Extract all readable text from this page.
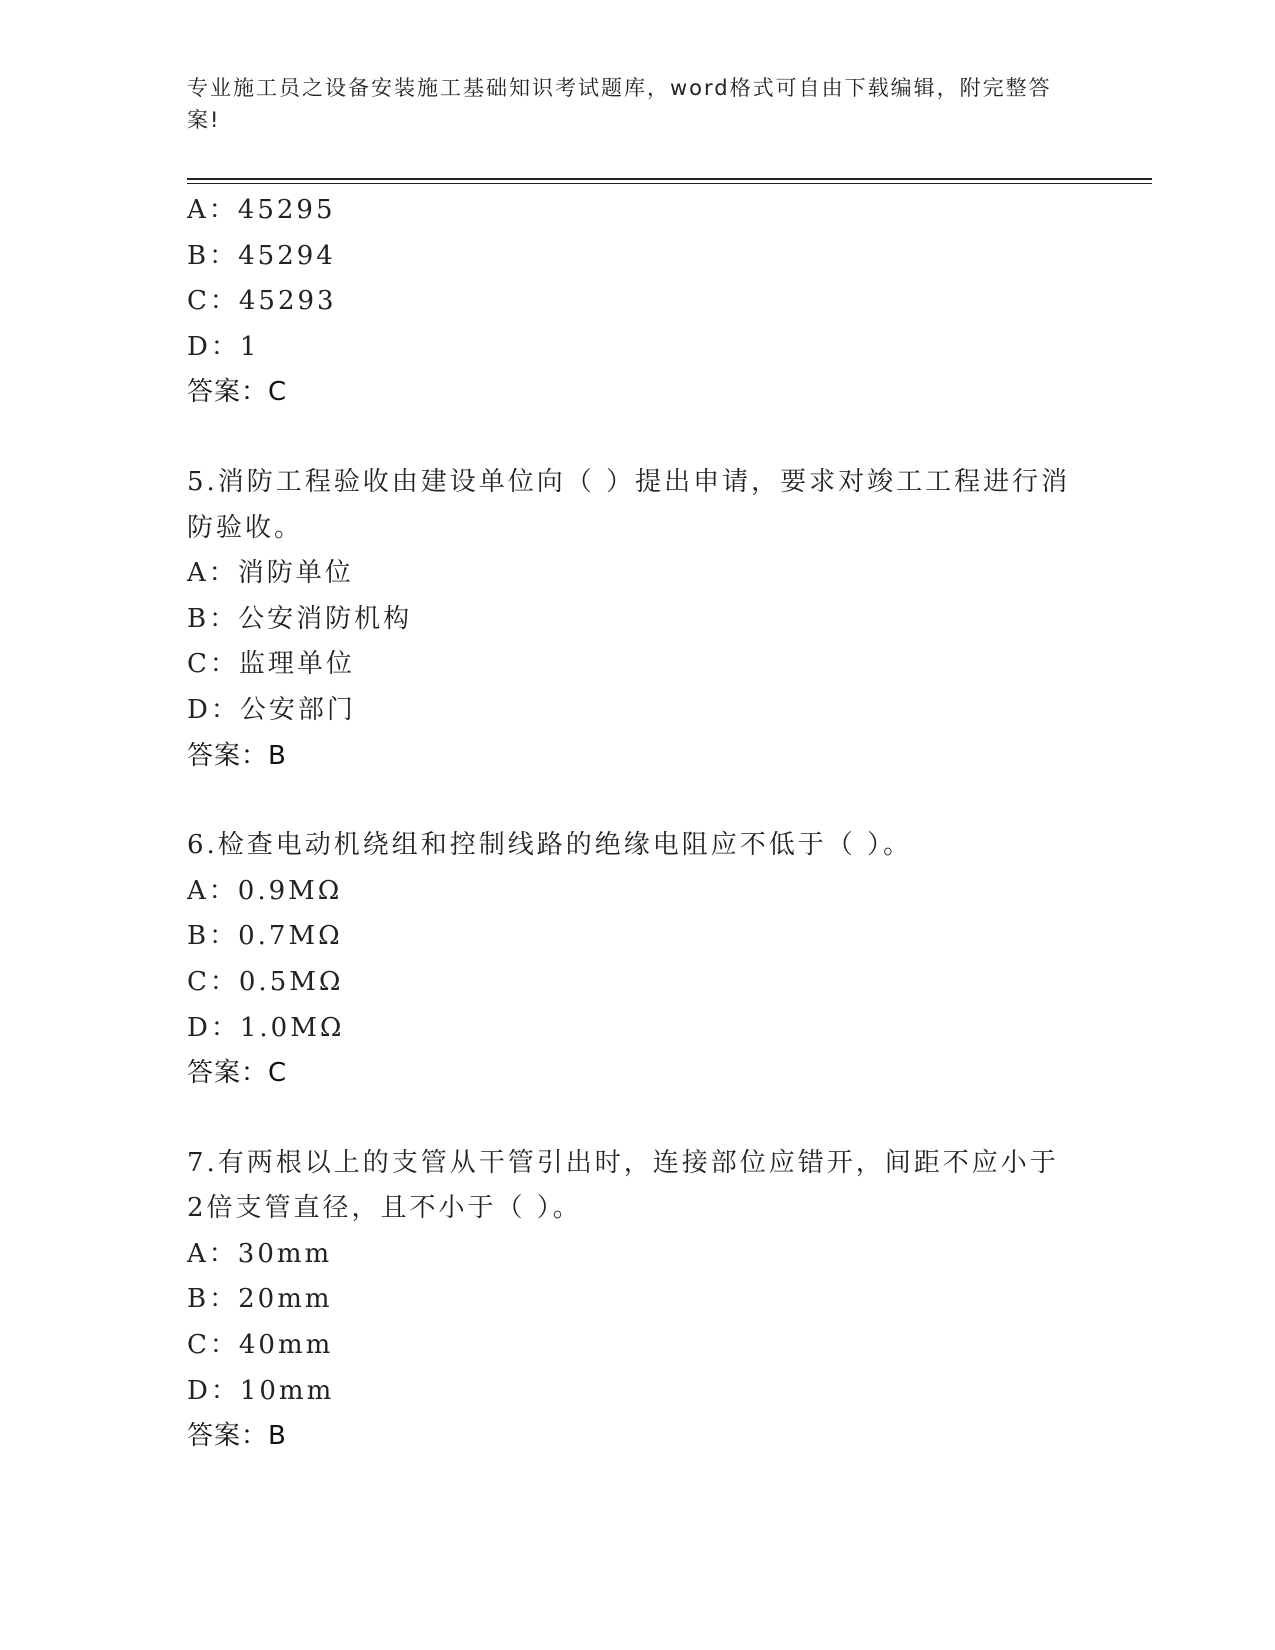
专业施工员之设备安装施工基础知识考试题库，word格式可自由下载编辑，附完整答案!
A：45295
B：45294
C：45293
D：1
答案：C
5.消防工程验收由建设单位向（ ）提出申请，要求对竣工工程进行消
防验收。
A：消防单位
B：公安消防机构
C：监理单位
D：公安部门
答案：B
6.检查电动机绕组和控制线路的绝缘电阻应不低于（ ）。
A：0.9MΩ
B：0.7MΩ
C：0.5MΩ
D：1.0MΩ
答案：C
7.有两根以上的支管从干管引出时，连接部位应错开，间距不应小于
2倍支管直径，且不小于（ ）。
A：30mm
B：20mm
C：40mm
D：10mm
答案：B
